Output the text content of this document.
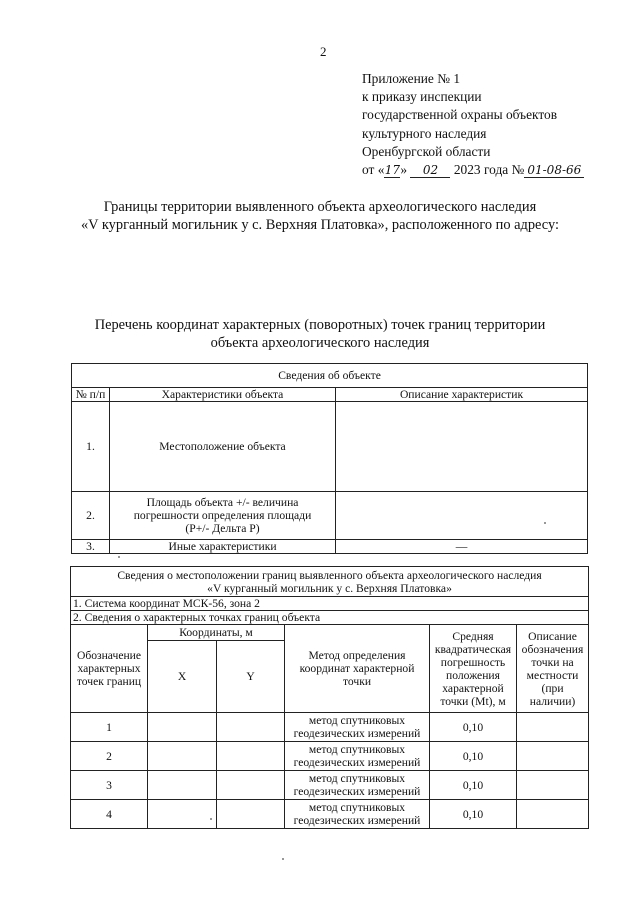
2
Приложение № 1
к приказу инспекции
государственной охраны объектов
культурного наследия
Оренбургской области
от «17» 02 2023 года № 01-08-66
Границы территории выявленного объекта археологического наследия
«V курганный могильник у с. Верхняя Платовка», расположенного по адресу:
Перечень координат характерных (поворотных) точек границ территории
объекта археологического наследия
Сведения об объекте		
№ п/п	Характеристики объекта	Описание характеристик
1.	Местоположение объекта	
2.	Площадь объекта +/- величина погрешности определения площади (P+/- Дельта P)	
3.	Иные характеристики	—
Сведения о местоположении границ выявленного объекта археологического наследия
«V курганный могильник у с. Верхняя Платовка»					

1. Система координат МСК-56, зона 2					
2. Сведения о характерных точках границ объекта					
Обозначение характерных точек границ	Координаты, м		Метод определения координат характерной точки	Средняя квадратическая погрешность положения характерной точки (Mt), м	Описание обозначения точки на местности (при наличии)
	X	Y			
1			метод спутниковых геодезических измерений	0,10	
2			метод спутниковых геодезических измерений	0,10	
3			метод спутниковых геодезических измерений	0,10	
4			метод спутниковых геодезических измерений	0,10	
